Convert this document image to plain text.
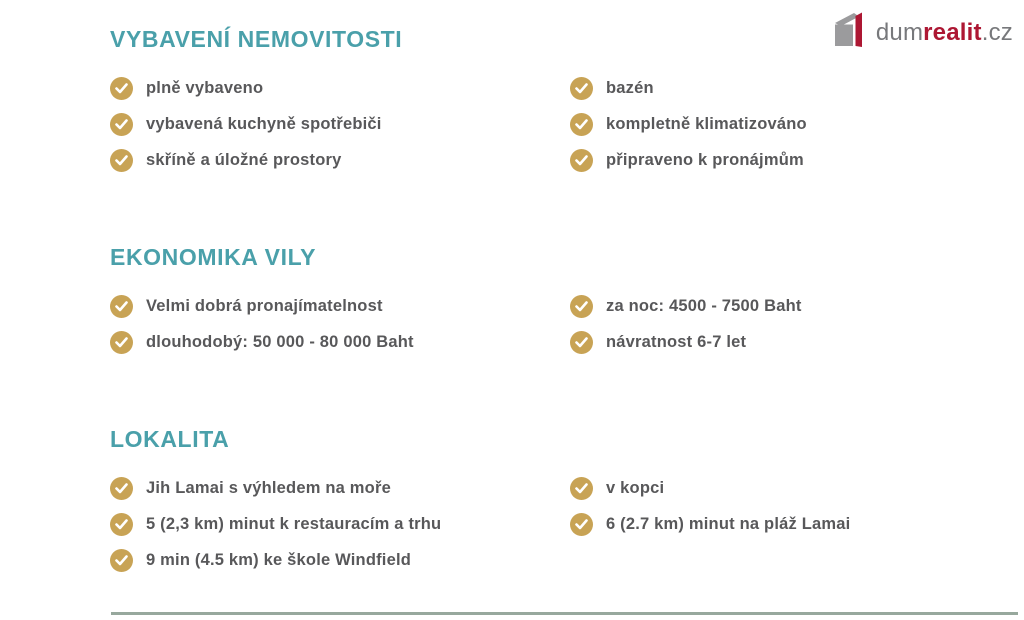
dumrealit.cz
VYBAVENÍ NEMOVITOSTI
plně vybaveno
vybavená kuchyně spotřebiči
skříně a úložné prostory
bazén
kompletně klimatizováno
připraveno k pronájmům
EKONOMIKA VILY
Velmi dobrá pronajímatelnost
dlouhodobý: 50 000 - 80 000 Baht
za noc: 4500 - 7500 Baht
návratnost 6-7 let
LOKALITA
Jih Lamai s výhledem na moře
5 (2,3 km) minut k restauracím a trhu
9 min (4.5 km) ke škole Windfield
v kopci
6 (2.7 km) minut na pláž Lamai
